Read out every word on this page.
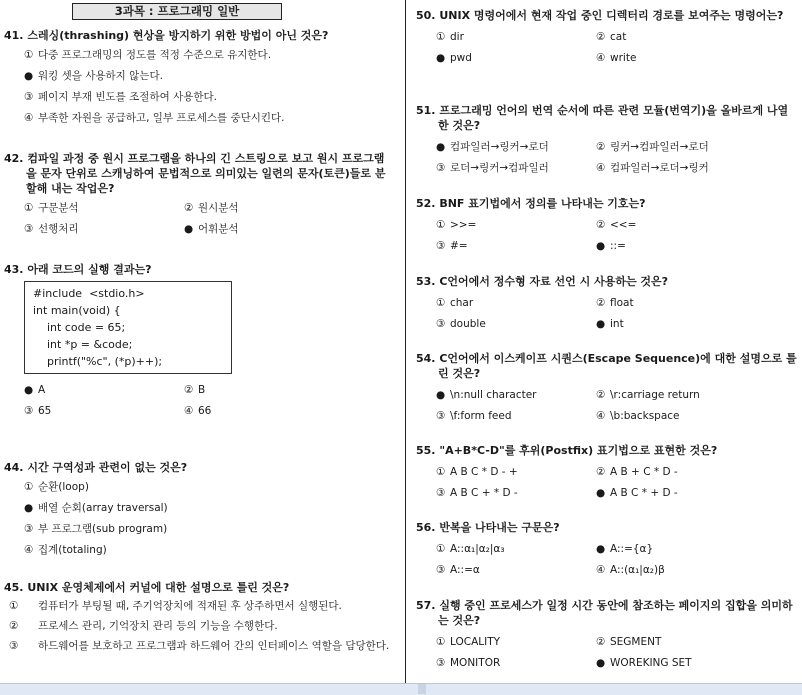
3과목 : 프로그래밍 일반
41. 스레싱(thrashing) 현상을 방지하기 위한 방법이 아닌 것은?
① 다중 프로그래밍의 정도를 적정 수준으로 유지한다.
● 워킹 셋을 사용하지 않는다.
③ 페이지 부재 빈도를 조절하여 사용한다.
④ 부족한 자원을 공급하고, 일부 프로세스를 중단시킨다.
42. 컴파일 과정 중 원시 프로그램을 하나의 긴 스트링으로 보고 원시 프로그램을 문자 단위로 스캐닝하여 문법적으로 의미있는 일련의 문자(토큰)들로 분할해 내는 작업은?
① 구문분석	② 원시분석
③ 선행처리	● 어휘분석
43. 아래 코드의 실행 결과는?
#include  <stdio.h>
int main(void) {
int code = 65;
int *p = &code;
printf("%c", (*p)++);
● A	② B
③ 65	④ 66
44. 시간 구역성과 관련이 없는 것은?
① 순환(loop)
● 배열 순회(array traversal)
③ 부 프로그램(sub program)
④ 집계(totaling)
45. UNIX 운영체제에서 커널에 대한 설명으로 틀린 것은?
① 컴퓨터가 부팅될 때, 주기억장치에 적재된 후 상주하면서 실행된다.
② 프로세스 관리, 기억장치 관리 등의 기능을 수행한다.
③ 하드웨어를 보호하고 프로그램과 하드웨어 간의 인터페이스 역할을 담당한다.
50. UNIX 명령어에서 현재 작업 중인 디렉터리 경로를 보여주는 명령어는?
① dir	② cat
● pwd	④ write
51. 프로그래밍 언어의 번역 순서에 따른 관련 모듈(번역기)을 올바르게 나열한 것은?
● 컴파일러→링커→로더	② 링커→컴파일러→로더
③ 로더→링커→컴파일러	④ 컴파일러→로더→링커
52. BNF 표기법에서 정의를 나타내는 기호는?
① >>=	② <<=
③ #=	● ::=
53. C언어에서 정수형 자료 선언 시 사용하는 것은?
① char	② float
③ double	● int
54. C언어에서 이스케이프 시퀀스(Escape Sequence)에 대한 설명으로 틀린 것은?
● \n:null character	② \r:carriage return
③ \f:form feed	④ \b:backspace
55. "A+B*C-D"를 후위(Postfix) 표기법으로 표현한 것은?
① A B C * D - +	② A B + C * D -
③ A B C + * D -	● A B C * + D -
56. 반복을 나타내는 구문은?
① A::α₁|α₂|α₃	● A::={α}
③ A::=α	④ A::(α₁|α₂)β
57. 실행 중인 프로세스가 일정 시간 동안에 참조하는 페이지의 집합을 의미하는 것은?
① LOCALITY	② SEGMENT
③ MONITOR	● WOREKING SET
